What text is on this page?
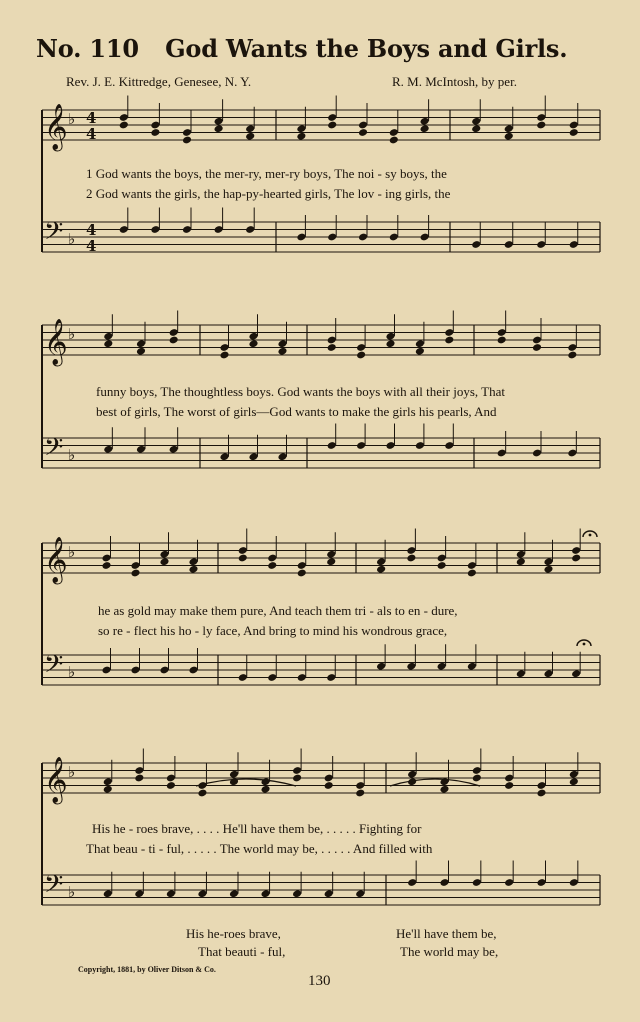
No. 110 God Wants the Boys and Girls.
Rev. J. E. Kittredge, Genesee, N. Y.	R. M. McIntosh, by per.
𝄞 ♭
𝄢 ♭
4
4
4
4
𝄞 ♭
𝄢 ♭
𝄞 ♭
𝄢 ♭
𝄞 ♭
𝄢 ♭
1 God wants the boys, the mer-ry, mer-ry boys, The noi - sy boys, the
2 God wants the girls, the hap-py-hearted girls, The lov - ing girls, the
funny boys, The thoughtless boys. God wants the boys with all their joys, That
best of girls, The worst of girls—God wants to make the girls his pearls, And
he as gold may make them pure, And teach them tri - als to en - dure,
so re - flect his ho - ly face, And bring to mind his wondrous grace,
His he - roes brave, . . . . He'll have them be, . . . . . Fighting for
That beau - ti - ful, . . . . . The world may be, . . . . . And filled with
His he-roes brave,	He'll have them be,
That beauti - ful,	The world may be,
Copyright, 1881, by Oliver Ditson & Co.
130
